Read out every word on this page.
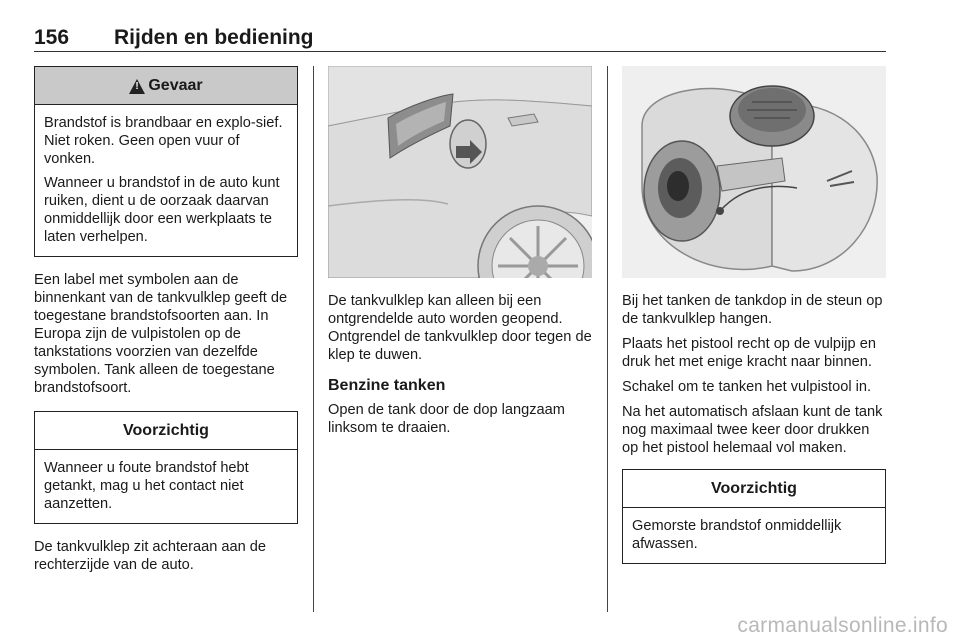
156 Rijden en bediening
!
Gevaar

Brandstof is brandbaar en explo-sief. Niet roken. Geen open vuur of vonken.

Wanneer u brandstof in de auto kunt ruiken, dient u de oorzaak daarvan onmiddellijk door een werkplaats te laten verhelpen.

Een label met symbolen aan de binnenkant van de tankvulklep geeft de toegestane brandstofsoorten aan. In Europa zijn de vulpistolen op de tankstations voorzien van dezelfde symbolen. Tank alleen de toegestane brandstofsoort.

Voorzichtig

Wanneer u foute brandstof hebt getankt, mag u het contact niet aanzetten.

De tankvulklep zit achteraan aan de rechterzijde van de auto.

De tankvulklep kan alleen bij een ontgrendelde auto worden geopend. Ontgrendel de tankvulklep door tegen de klep te duwen.

Benzine tanken

Open de tank door de dop langzaam linksom te draaien.

Bij het tanken de tankdop in de steun op de tankvulklep hangen.

Plaats het pistool recht op de vulpijp en druk het met enige kracht naar binnen.

Schakel om te tanken het vulpistool in.

Na het automatisch afslaan kunt de tank nog maximaal twee keer door drukken op het pistool helemaal vol maken.

Voorzichtig

Gemorste brandstof onmiddellijk afwassen.

carmanualsonline.info
